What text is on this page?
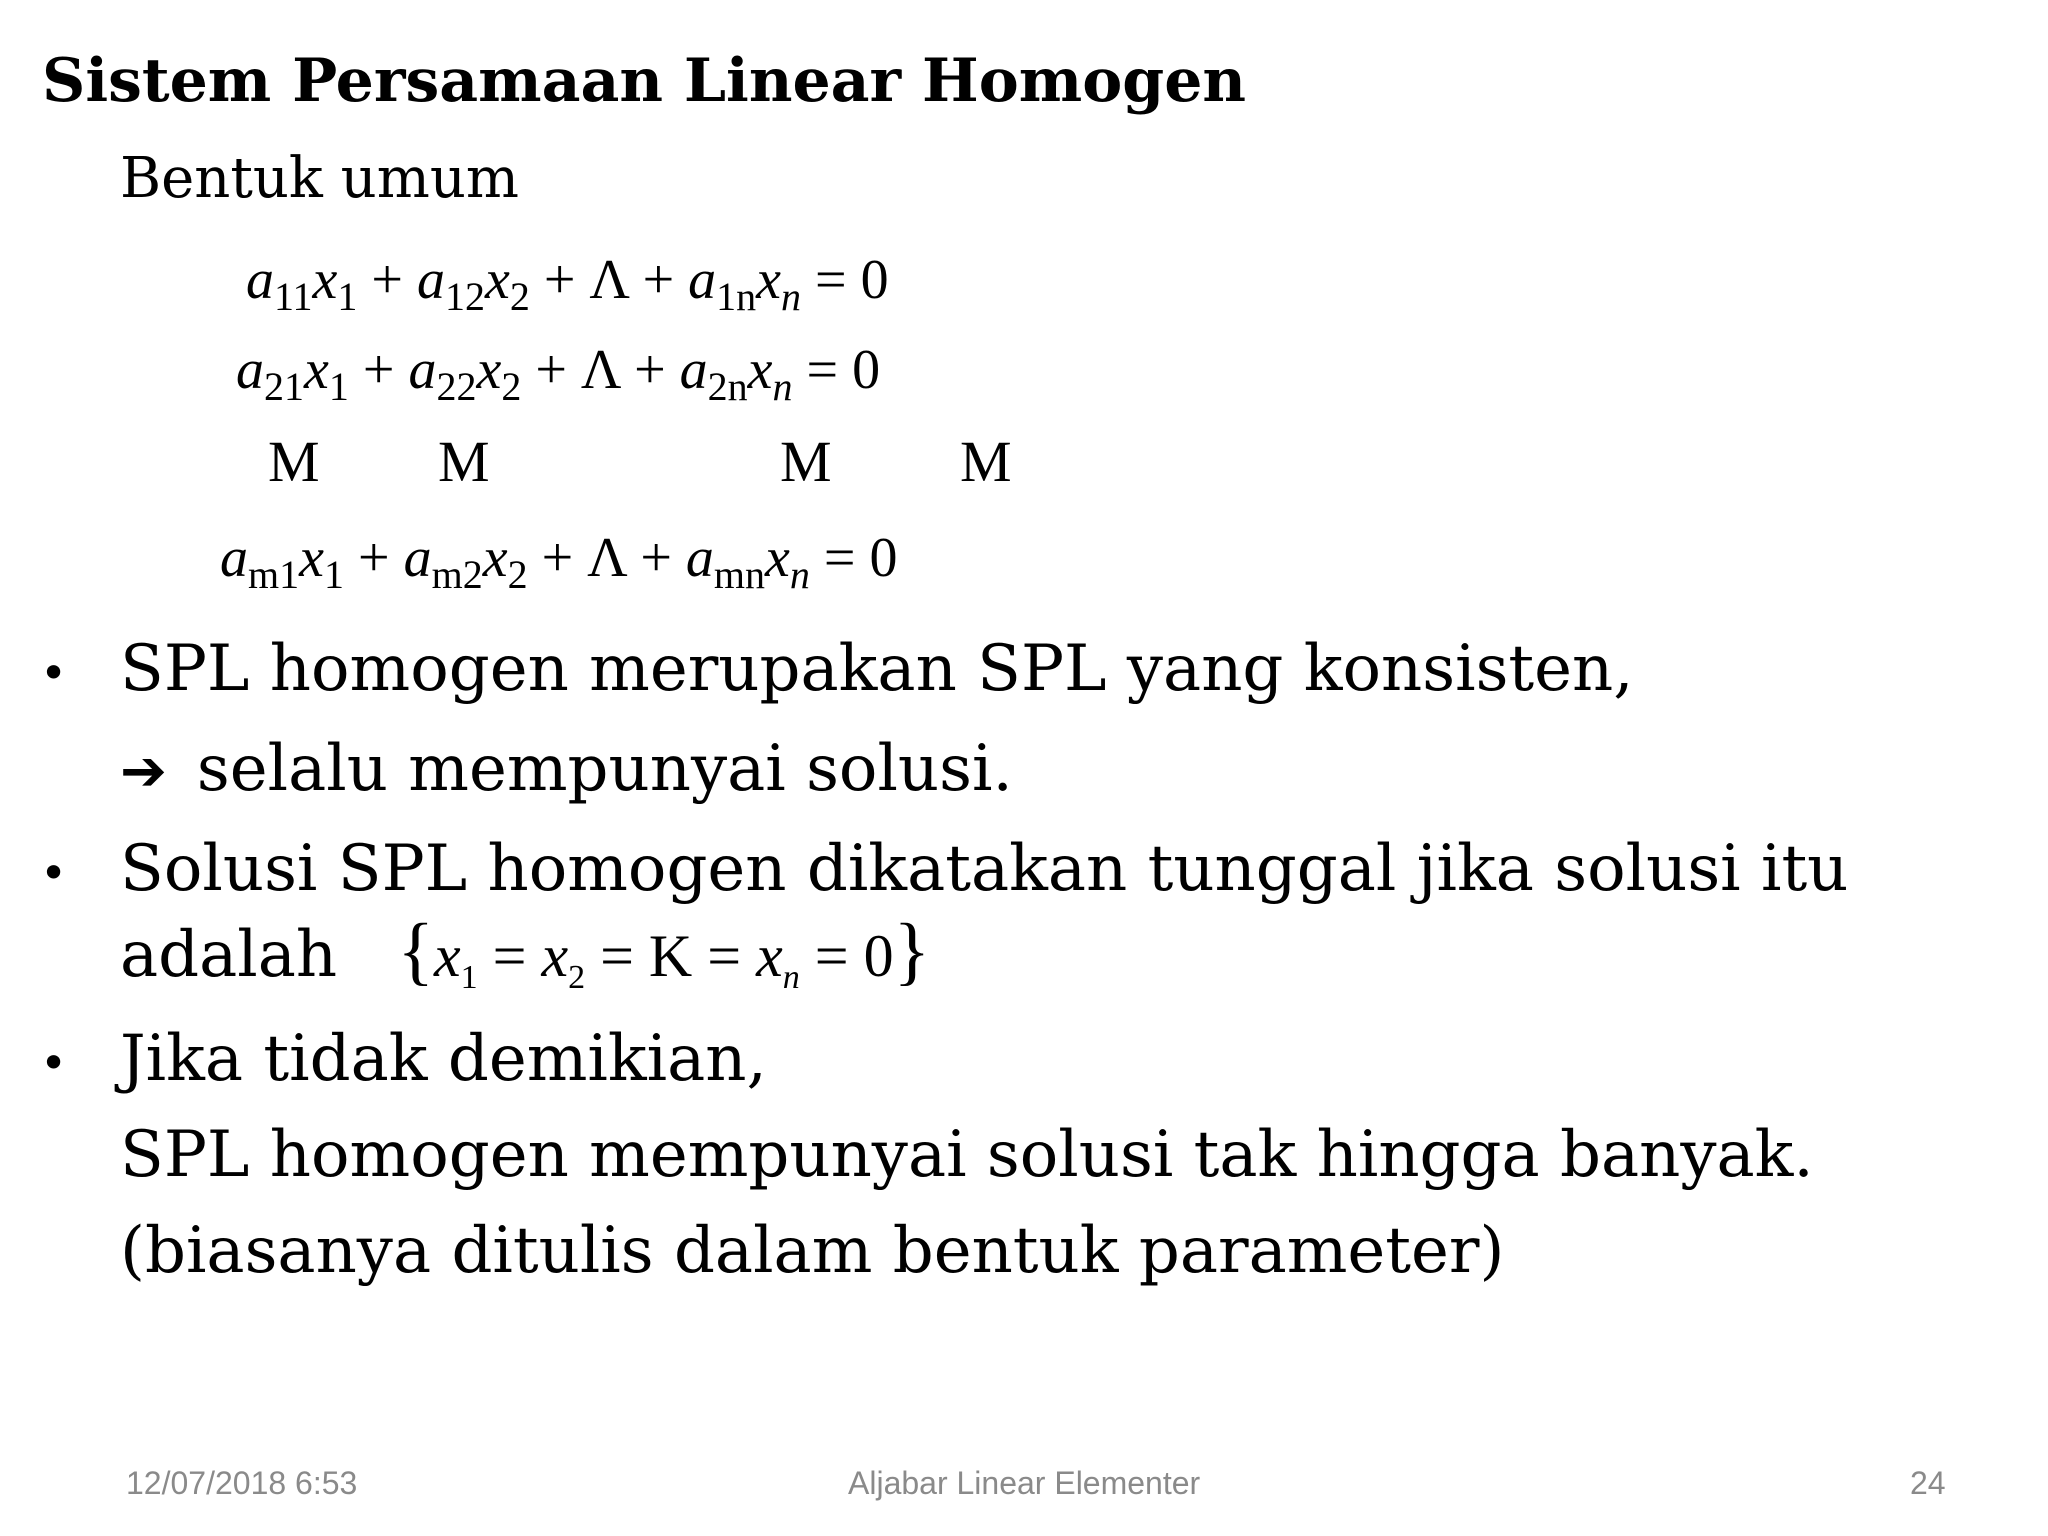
Sistem Persamaan Linear Homogen
Bentuk umum
$a_{11}x_1 + a_{12}x_2 + \Lambda + a_{1n}x_n = 0$
$a_{21}x_1 + a_{22}x_2 + \Lambda + a_{2n}x_n = 0$
M M	M M
$a_{m1}x_1 + a_{m2}x_2 + \Lambda + a_{mn}x_n = 0$
• SPL homogen merupakan SPL yang konsisten,
➔ selalu mempunyai solusi.
• Solusi SPL homogen dikatakan tunggal jika solusi itu
adalah $\{x_1 = x_2 = K = x_n = 0\}$
• Jika tidak demikian,
SPL homogen mempunyai solusi tak hingga banyak.
(biasanya ditulis dalam bentuk parameter)
12/07/2018 6:53	Aljabar Linear Elementer	24
